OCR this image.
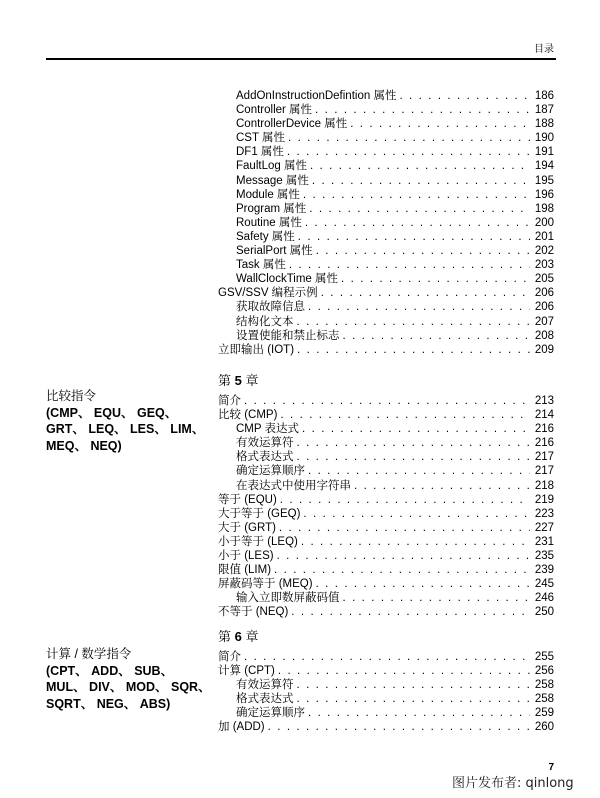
目录
AddOnInstructionDefintion 属性 . . .	186
Controller 属性 . . .	187
ControllerDevice 属性 . . .	188
CST 属性 . . .	190
DF1 属性 . . .	191
FaultLog 属性 . . .	194
Message 属性 . . .	195
Module 属性 . . .	196
Program 属性 . . .	198
Routine 属性 . . .	200
Safety 属性 . . .	201
SerialPort 属性 . . .	202
Task 属性 . . .	203
WallClockTime 属性 . . .	205
GSV/SSV 编程示例 . . .	206
获取故障信息 . . .	206
结构化文本 . . .	207
设置使能和禁止标志 . . .	208
立即输出 (IOT) . . .	209
比较指令
(CMP、 EQU、 GEQ、 GRT、 LEQ、 LES、 LIM、 MEQ、 NEQ)
第 5 章
简介 . . .	213
比较 (CMP) . . .	214
CMP 表达式 . . .	216
有效运算符 . . .	216
格式表达式 . . .	217
确定运算顺序 . . .	217
在表达式中使用字符串 . . .	218
等于 (EQU) . . .	219
大于等于 (GEQ) . . .	223
大于 (GRT) . . .	227
小于等于 (LEQ) . . .	231
小于 (LES) . . .	235
限值 (LIM) . . .	239
屏蔽码等于 (MEQ) . . .	245
输入立即数屏蔽码值 . . .	246
不等于 (NEQ) . . .	250
计算 / 数学指令
(CPT、 ADD、 SUB、 MUL、 DIV、 MOD、 SQR、 SQRT、 NEG、 ABS)
第 6 章
简介 . . .	255
计算 (CPT) . . .	256
有效运算符 . . .	258
格式表达式 . . .	258
确定运算顺序 . . .	259
加 (ADD) . . .	260
7
图片发布者: qinlong
